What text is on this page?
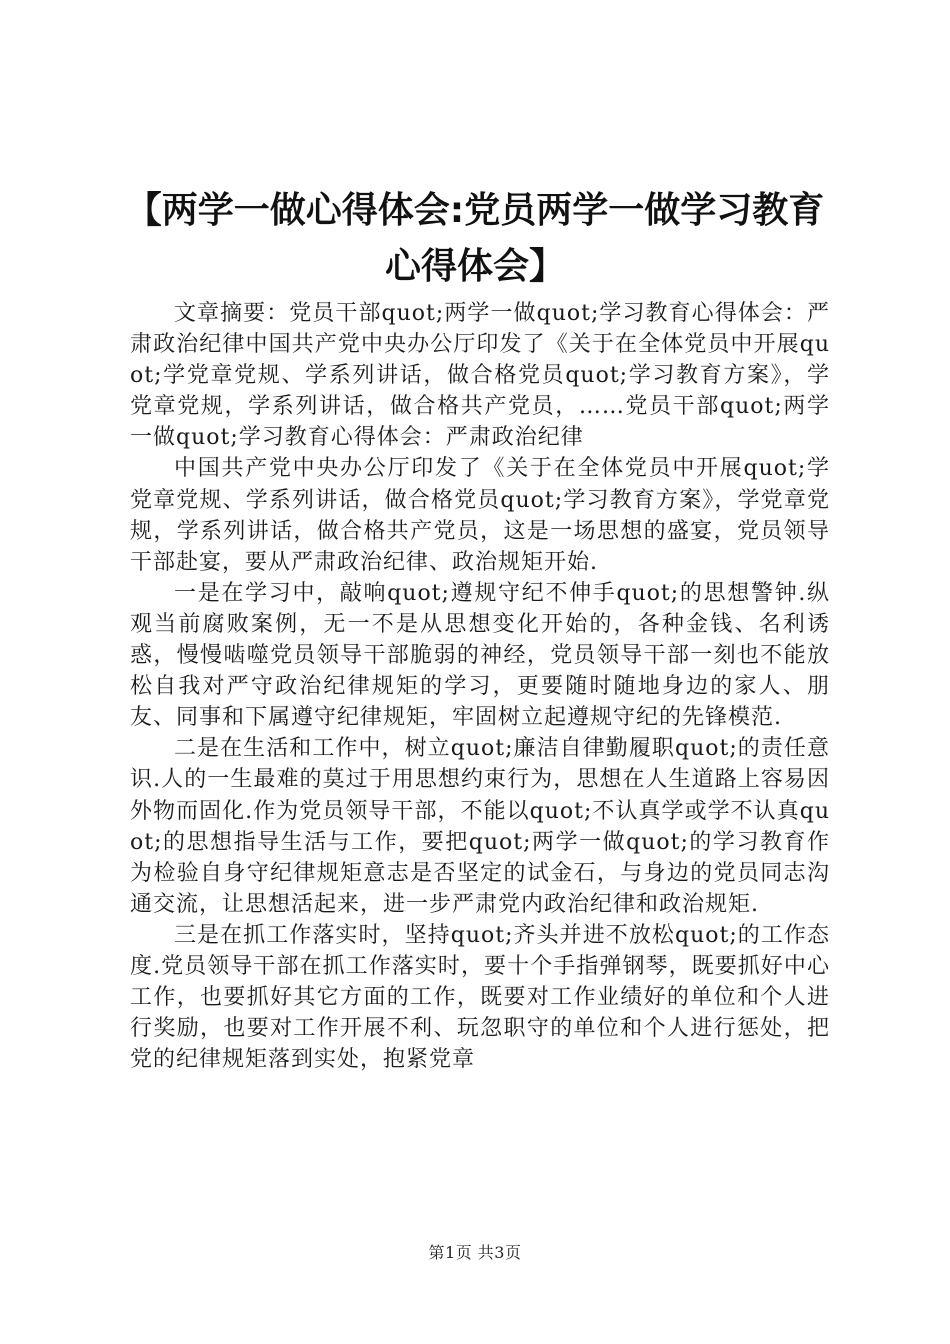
【两学一做心得体会:党员两学一做学习教育心得体会】

文章摘要：党员干部quot;两学一做quot;学习教育心得体会：严肃政治纪律中国共产党中央办公厅印发了《关于在全体党员中开展quot;学党章党规、学系列讲话，做合格党员quot;学习教育方案》，学党章党规，学系列讲话，做合格共产党员，……党员干部quot;两学一做quot;学习教育心得体会：严肃政治纪律

中国共产党中央办公厅印发了《关于在全体党员中开展quot;学党章党规、学系列讲话，做合格党员quot;学习教育方案》，学党章党规，学系列讲话，做合格共产党员，这是一场思想的盛宴，党员领导干部赴宴，要从严肃政治纪律、政治规矩开始.

一是在学习中，敲响quot;遵规守纪不伸手quot;的思想警钟.纵观当前腐败案例，无一不是从思想变化开始的，各种金钱、名利诱惑，慢慢啮噬党员领导干部脆弱的神经，党员领导干部一刻也不能放松自我对严守政治纪律规矩的学习，更要随时随地身边的家人、朋友、同事和下属遵守纪律规矩，牢固树立起遵规守纪的先锋模范.

二是在生活和工作中，树立quot;廉洁自律勤履职quot;的责任意识.人的一生最难的莫过于用思想约束行为，思想在人生道路上容易因外物而固化.作为党员领导干部，不能以quot;不认真学或学不认真quot;的思想指导生活与工作，要把quot;两学一做quot;的学习教育作为检验自身守纪律规矩意志是否坚定的试金石，与身边的党员同志沟通交流，让思想活起来，进一步严肃党内政治纪律和政治规矩.

三是在抓工作落实时，坚持quot;齐头并进不放松quot;的工作态度.党员领导干部在抓工作落实时，要十个手指弹钢琴，既要抓好中心工作，也要抓好其它方面的工作，既要对工作业绩好的单位和个人进行奖励，也要对工作开展不利、玩忽职守的单位和个人进行惩处，把党的纪律规矩落到实处，抱紧党章

第1页 共3页
